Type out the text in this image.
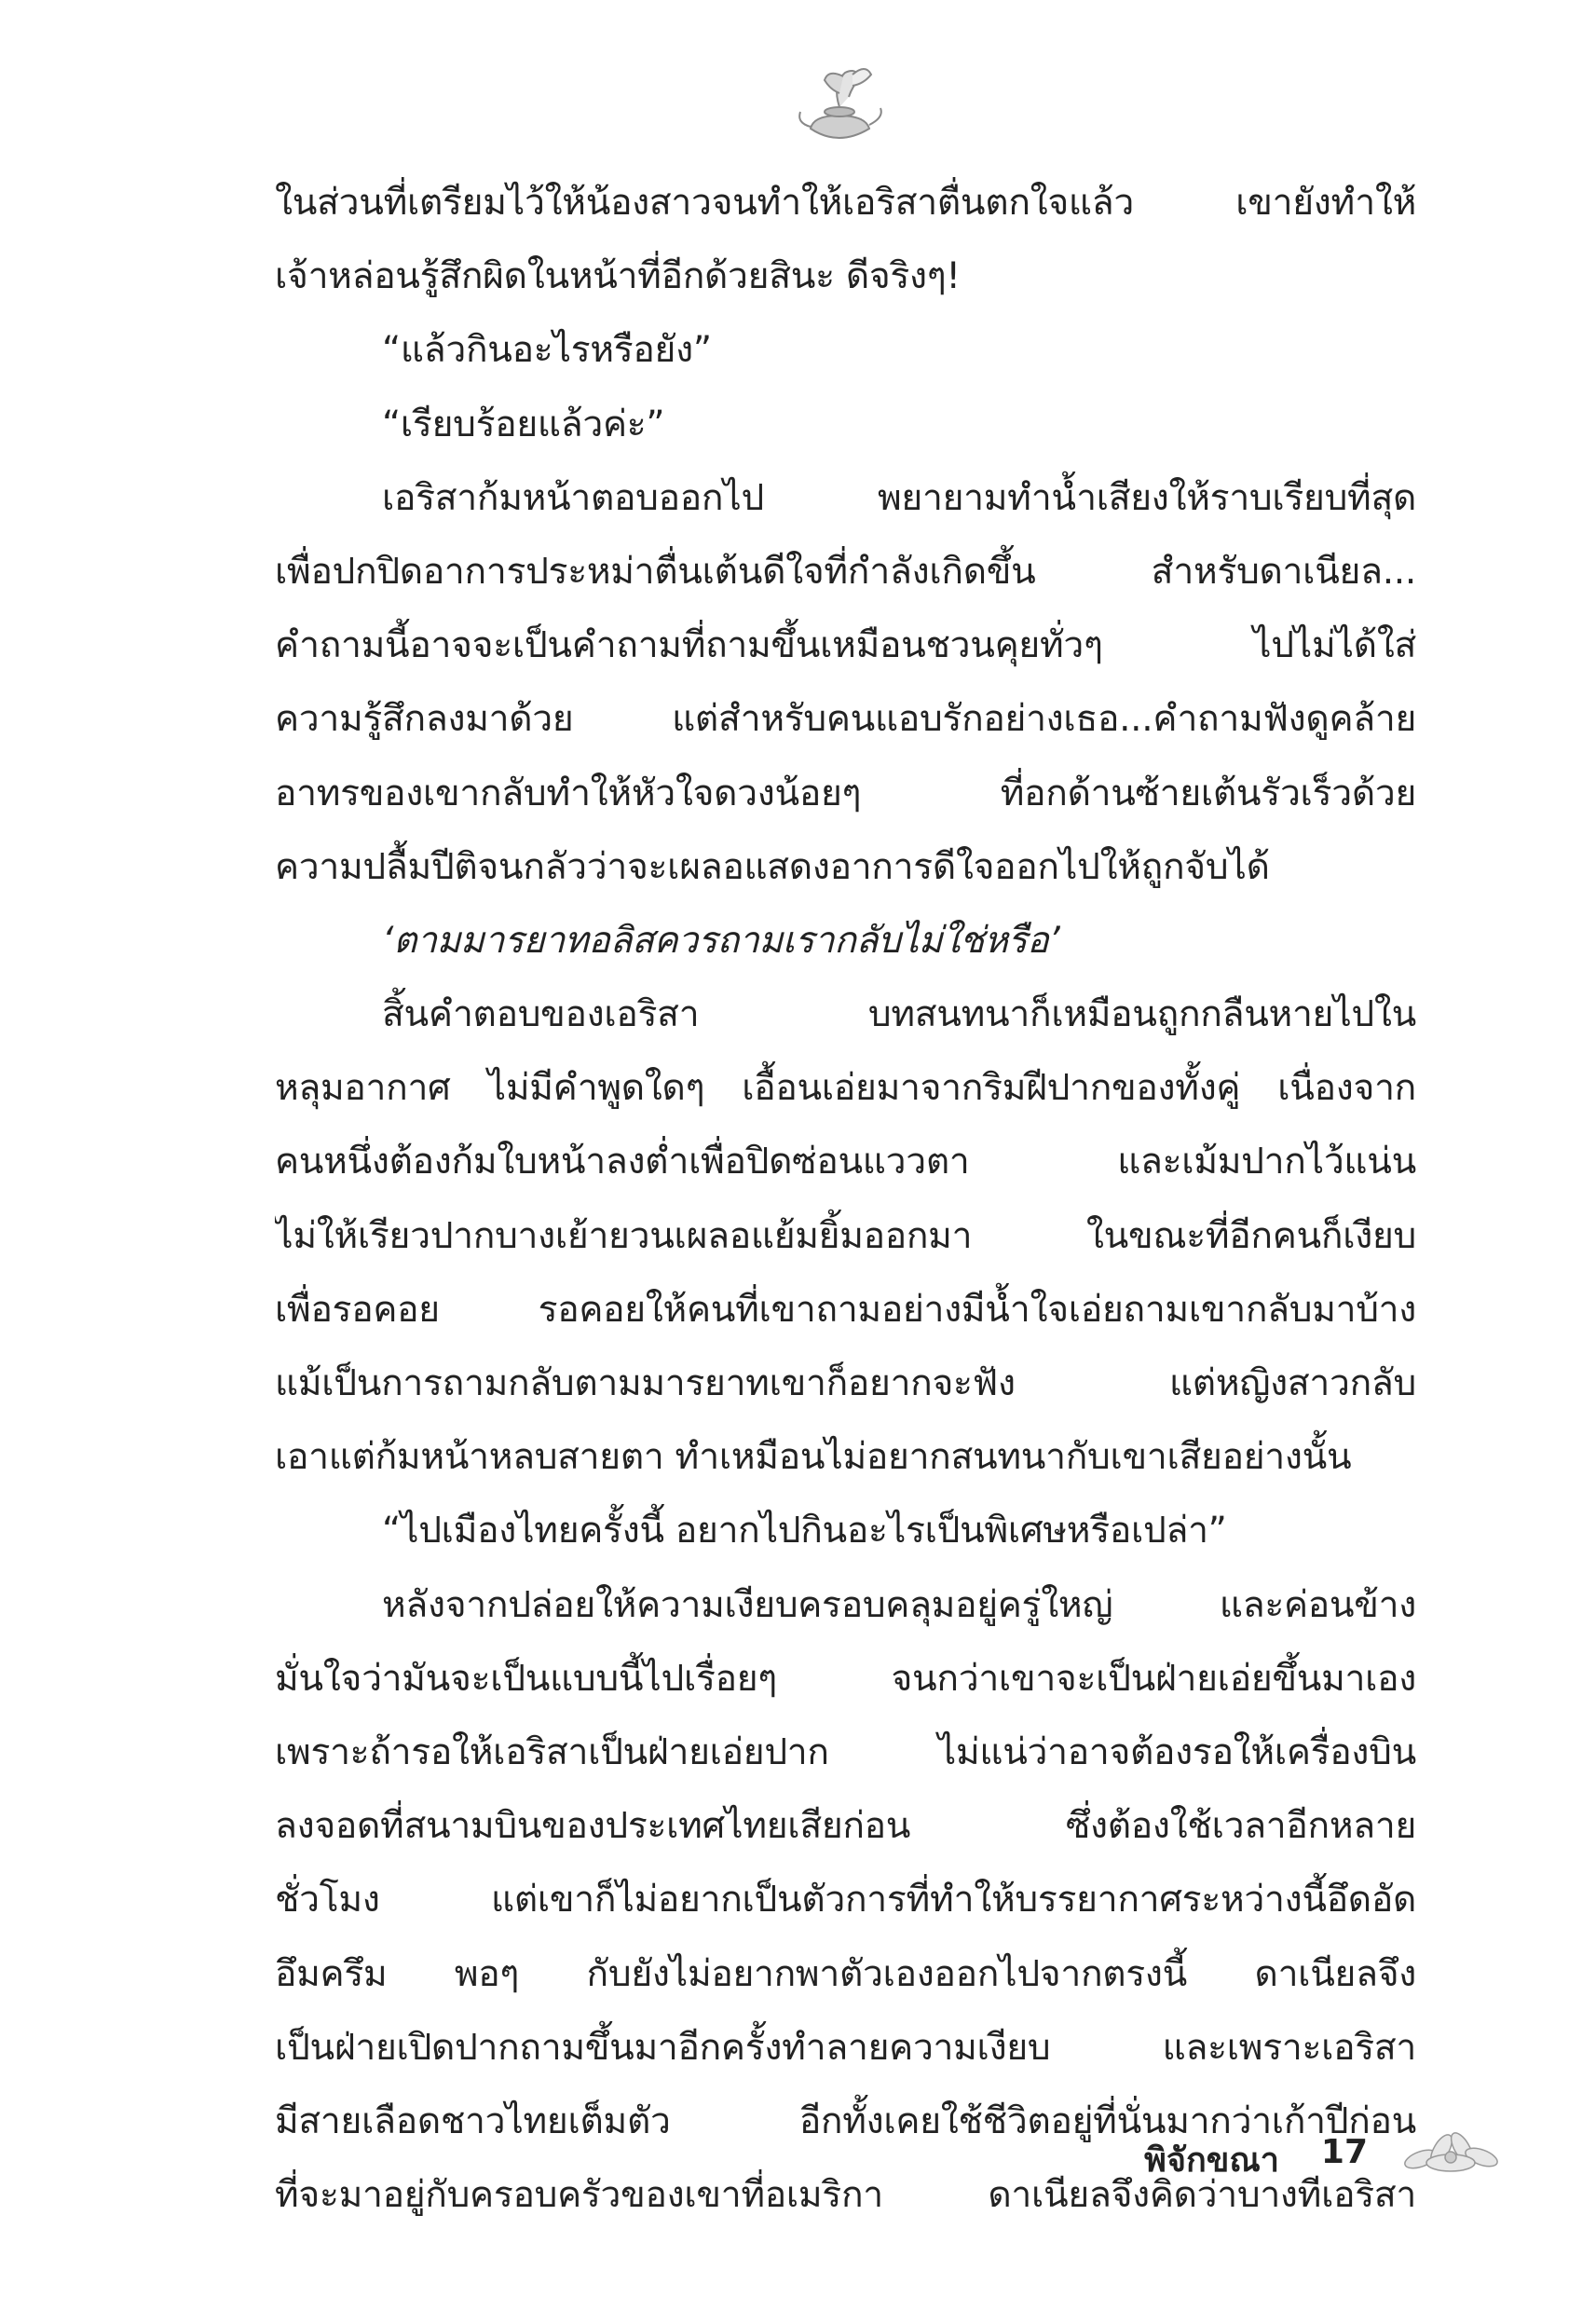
ในส่วนที่เตรียมไว้ให้น้องสาวจนทำให้เอริสาตื่นตกใจแล้ว เขายังทำให้
เจ้าหล่อนรู้สึกผิดในหน้าที่อีกด้วยสินะ ดีจริงๆ!
“แล้วกินอะไรหรือยัง”
“เรียบร้อยแล้วค่ะ”
เอริสาก้มหน้าตอบออกไป พยายามทำน้ำเสียงให้ราบเรียบที่สุด
เพื่อปกปิดอาการประหม่าตื่นเต้นดีใจที่กำลังเกิดขึ้น สำหรับดาเนียล...
คำถามนี้อาจจะเป็นคำถามที่ถามขึ้นเหมือนชวนคุยทั่วๆ ไปไม่ได้ใส่
ความรู้สึกลงมาด้วย แต่สำหรับคนแอบรักอย่างเธอ...คำถามฟังดูคล้าย
อาทรของเขากลับทำให้หัวใจดวงน้อยๆ ที่อกด้านซ้ายเต้นรัวเร็วด้วย
ความปลื้มปีติจนกลัวว่าจะเผลอแสดงอาการดีใจออกไปให้ถูกจับได้
‘ตามมารยาทอลิสควรถามเรากลับไม่ใช่หรือ’
สิ้นคำตอบของเอริสา บทสนทนาก็เหมือนถูกกลืนหายไปใน
หลุมอากาศ ไม่มีคำพูดใดๆ เอื้อนเอ่ยมาจากริมฝีปากของทั้งคู่ เนื่องจาก
คนหนึ่งต้องก้มใบหน้าลงต่ำเพื่อปิดซ่อนแววตา และเม้มปากไว้แน่น
ไม่ให้เรียวปากบางเย้ายวนเผลอแย้มยิ้มออกมา ในขณะที่อีกคนก็เงียบ
เพื่อรอคอย รอคอยให้คนที่เขาถามอย่างมีน้ำใจเอ่ยถามเขากลับมาบ้าง
แม้เป็นการถามกลับตามมารยาทเขาก็อยากจะฟัง แต่หญิงสาวกลับ
เอาแต่ก้มหน้าหลบสายตา ทำเหมือนไม่อยากสนทนากับเขาเสียอย่างนั้น
“ไปเมืองไทยครั้งนี้ อยากไปกินอะไรเป็นพิเศษหรือเปล่า”
หลังจากปล่อยให้ความเงียบครอบคลุมอยู่ครู่ใหญ่ และค่อนข้าง
มั่นใจว่ามันจะเป็นแบบนี้ไปเรื่อยๆ จนกว่าเขาจะเป็นฝ่ายเอ่ยขึ้นมาเอง
เพราะถ้ารอให้เอริสาเป็นฝ่ายเอ่ยปาก ไม่แน่ว่าอาจต้องรอให้เครื่องบิน
ลงจอดที่สนามบินของประเทศไทยเสียก่อน ซึ่งต้องใช้เวลาอีกหลาย
ชั่วโมง แต่เขาก็ไม่อยากเป็นตัวการที่ทำให้บรรยากาศระหว่างนี้อึดอัด
อึมครึม พอๆ กับยังไม่อยากพาตัวเองออกไปจากตรงนี้ ดาเนียลจึง
เป็นฝ่ายเปิดปากถามขึ้นมาอีกครั้งทำลายความเงียบ และเพราะเอริสา
มีสายเลือดชาวไทยเต็มตัว อีกทั้งเคยใช้ชีวิตอยู่ที่นั่นมากว่าเก้าปีก่อน
ที่จะมาอยู่กับครอบครัวของเขาที่อเมริกา ดาเนียลจึงคิดว่าบางทีเอริสา
พิจักขณา 17
